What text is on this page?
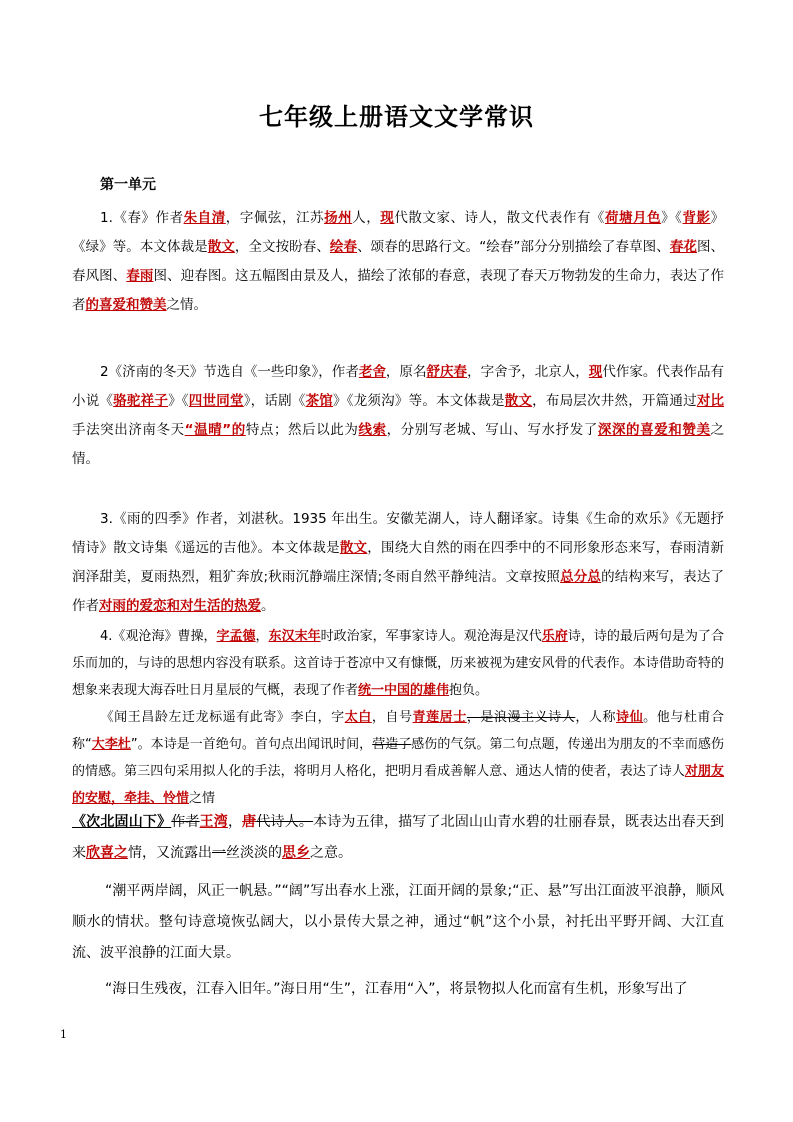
七年级上册语文文学常识
第一单元
1.《春》作者朱自清，字佩弦，江苏扬州人，现代散文家、诗人，散文代表作有《荷塘月色》《背影》《绿》等。本文体裁是散文，全文按盼春、绘春、颂春的思路行文。“绘春”部分分别描绘了春草图、春花图、春风图、春雨图、迎春图。这五幅图由景及人，描绘了浓郁的春意，表现了春天万物勃发的生命力，表达了作者的喜爱和赞美之情。
2《济南的冬天》节选自《一些印象》，作者老舍，原名舒庆春，字舍予，北京人，现代作家。代表作品有小说《骆驼祥子》《四世同堂》，话剧《茶馆》《龙须沟》等。本文体裁是散文，布局层次井然，开篇通过对比手法突出济南冬天“温晴”的特点；然后以此为线索，分别写老城、写山、写水抒发了深深的喜爱和赞美之情。
3.《雨的四季》作者，刘湛秋。1935 年出生。安徽芜湖人，诗人翻译家。诗集《生命的欢乐》《无题抒情诗》散文诗集《遥远的吉他》。本文体裁是散文，围绕大自然的雨在四季中的不同形象形态来写，春雨清新润泽甜美，夏雨热烈，粗犷奔放;秋雨沉静端庄深情;冬雨自然平静纯洁。文章按照总分总的结构来写，表达了作者对雨的爱恋和对生活的热爱。
4.《观沧海》曹操，字孟德，东汉末年时政治家，军事家诗人。观沧海是汉代乐府诗，诗的最后两句是为了合乐而加的，与诗的思想内容没有联系。这首诗于苍凉中又有慷慨，历来被视为建安风骨的代表作。本诗借助奇特的想象来表现大海吞吐日月星辰的气概，表现了作者统一中国的雄伟抱负。
《闻王昌龄左迁龙标遥有此寄》李白，字太白，自号青莲居士，是浪漫主义诗人，人称诗仙。他与杜甫合称“大李杜”。本诗是一首绝句。首句点出闻讯时间，营造了感伤的气氛。第二句点题，传递出为朋友的不幸而感伤的情感。第三四句采用拟人化的手法，将明月人格化，把明月看成善解人意、通达人情的使者，表达了诗人对朋友的安慰，牵挂、怜惜之情
《次北固山下》作者王湾，唐代诗人。本诗为五律，描写了北固山山青水碧的壮丽春景，既表达出春天到来欣喜之情，又流露出一丝淡淡的思乡之意。
“潮平两岸阔，风正一帆悬。”“阔”写出春水上涨，江面开阔的景象;“正、悬”写出江面波平浪静，顺风顺水的情状。整句诗意境恢弘阔大，以小景传大景之神，通过“帆”这个小景，衬托出平野开阔、大江直流、波平浪静的江面大景。
“海日生残夜，江春入旧年。”海日用“生”，江春用“入”，将景物拟人化而富有生机，形象写出了
1
